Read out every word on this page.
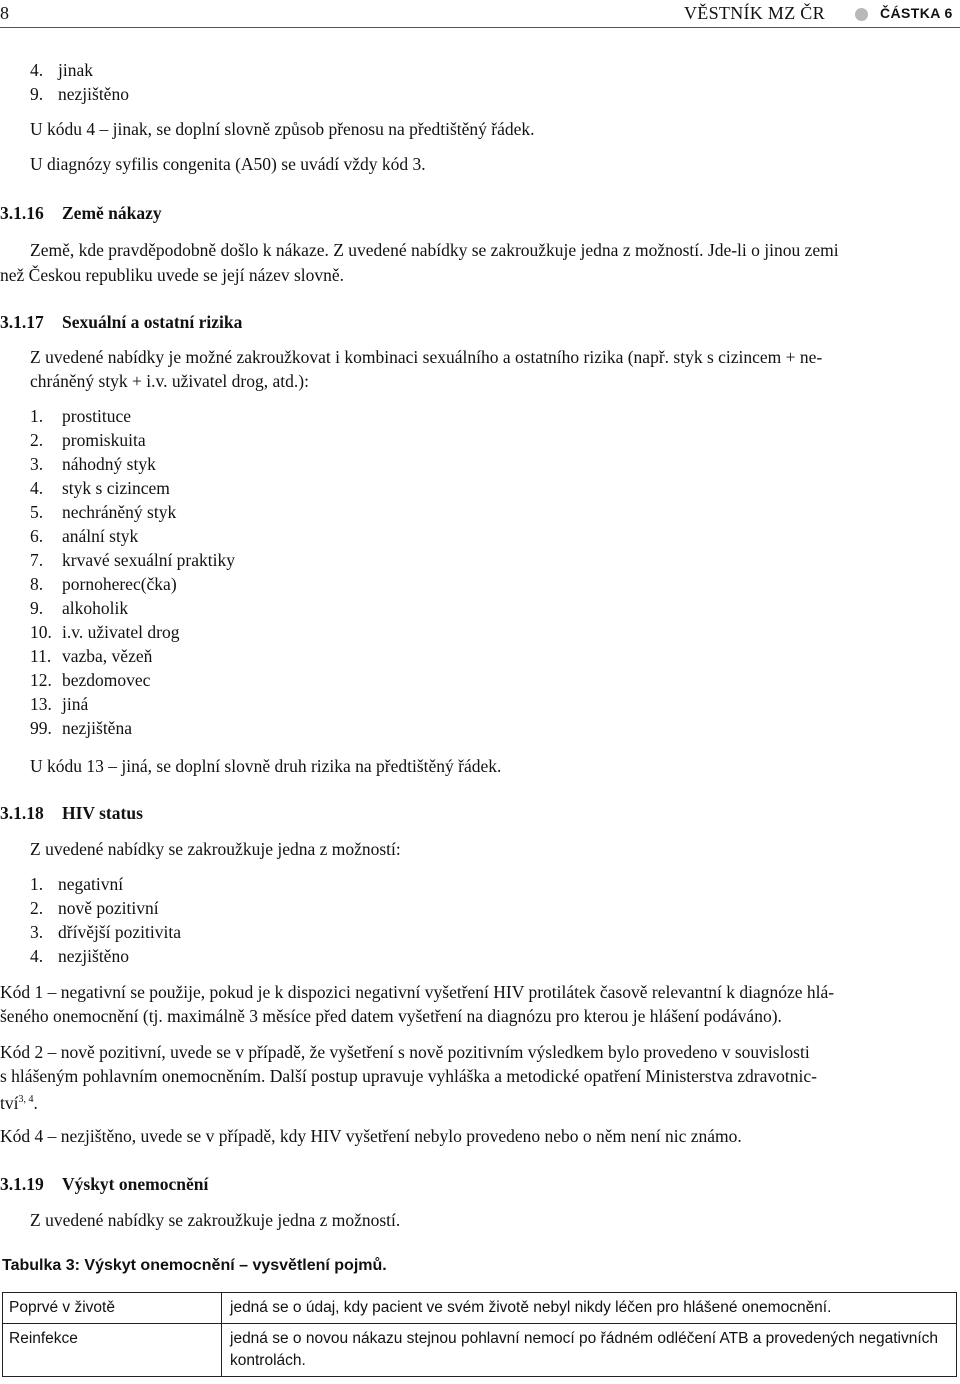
8	VĚSTNÍK MZ ČR	ČÁSTKA 6
4. jinak
9. nezjištěno
U kódu 4 – jinak, se doplní slovně způsob přenosu na předtištěný řádek.
U diagnózy syfilis congenita (A50) se uvádí vždy kód 3.
3.1.16 Země nákazy
Země, kde pravděpodobně došlo k nákaze. Z uvedené nabídky se zakroužkuje jedna z možností. Jde-li o jinou zemi
než Českou republiku uvede se její název slovně.
3.1.17 Sexuální a ostatní rizika
Z uvedené nabídky je možné zakroužkovat i kombinaci sexuálního a ostatního rizika (např. styk s cizincem + ne-
chráněný styk + i.v. uživatel drog, atd.):
1. prostituce
2. promiskuita
3. náhodný styk
4. styk s cizincem
5. nechráněný styk
6. anální styk
7. krvavé sexuální praktiky
8. pornoherec(čka)
9. alkoholik
10. i.v. uživatel drog
11. vazba, vězeň
12. bezdomovec
13. jiná
99. nezjištěna
U kódu 13 – jiná, se doplní slovně druh rizika na předtištěný řádek.
3.1.18 HIV status
Z uvedené nabídky se zakroužkuje jedna z možností:
1. negativní
2. nově pozitivní
3. dřívější pozitivita
4. nezjištěno
Kód 1 – negativní se použije, pokud je k dispozici negativní vyšetření HIV protilátek časově relevantní k diagnóze hlá-
šeného onemocnění (tj. maximálně 3 měsíce před datem vyšetření na diagnózu pro kterou je hlášení podáváno).
Kód 2 – nově pozitivní, uvede se v případě, že vyšetření s nově pozitivním výsledkem bylo provedeno v souvislosti
s hlášeným pohlavním onemocněním. Další postup upravuje vyhláška a metodické opatření Ministerstva zdravotnic-
tví$^{3, 4}$.
Kód 4 – nezjištěno, uvede se v případě, kdy HIV vyšetření nebylo provedeno nebo o něm není nic známo.
3.1.19 Výskyt onemocnění
Z uvedené nabídky se zakroužkuje jedna z možností.
Tabulka 3: Výskyt onemocnění – vysvětlení pojmů.
Poprvé v životě	jedná se o údaj, kdy pacient ve svém životě nebyl nikdy léčen pro hlášené onemocnění.
Reinfekce	jedná se o novou nákazu stejnou pohlavní nemocí po řádném odléčení ATB a provedených negativních kontrolách.
